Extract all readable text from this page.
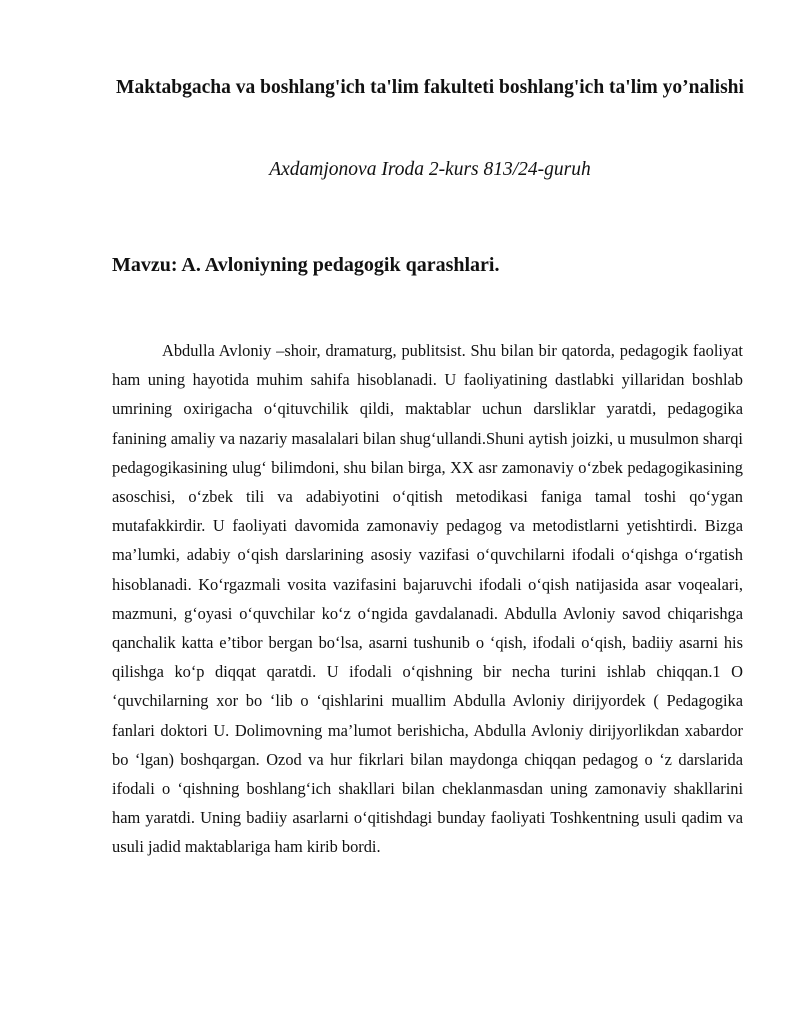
Maktabgacha va boshlang'ich ta'lim fakulteti boshlang'ich ta'lim yo’nalishi

Axdamjonova Iroda 2-kurs 813/24-guruh

Mavzu: A. Avloniyning pedagogik qarashlari.

Abdulla Avloniy –shoir, dramaturg, publitsist. Shu bilan bir qatorda, pedagogik faoliyat ham uning hayotida muhim sahifa hisoblanadi. U faoliyatining dastlabki yillaridan boshlab umrining oxirigacha o‘qituvchilik qildi, maktablar uchun darsliklar yaratdi, pedagogika fanining amaliy va nazariy masalalari bilan shug‘ullandi.Shuni aytish joizki, u musulmon sharqi pedagogikasining ulug‘ bilimdoni, shu bilan birga, XX asr zamonaviy o‘zbek pedagogikasining asoschisi, o‘zbek tili va adabiyotini o‘qitish metodikasi faniga tamal toshi qo‘ygan mutafakkirdir. U faoliyati davomida zamonaviy pedagog va metodistlarni yetishtirdi. Bizga ma’lumki, adabiy o‘qish darslarining asosiy vazifasi o‘quvchilarni ifodali o‘qishga o‘rgatish hisoblanadi. Ko‘rgazmali vosita vazifasini bajaruvchi ifodali o‘qish natijasida asar voqealari, mazmuni, g‘oyasi o‘quvchilar ko‘z o‘ngida gavdalanadi. Abdulla Avloniy savod chiqarishga qanchalik katta e’tibor bergan bo‘lsa, asarni tushunib o ‘qish, ifodali o‘qish, badiiy asarni his qilishga ko‘p diqqat qaratdi. U ifodali o‘qishning bir necha turini ishlab chiqqan.1 O ‘quvchilarning xor bo ‘lib o ‘qishlarini muallim Abdulla Avloniy dirijyordek ( Pedagogika fanlari doktori U. Dolimovning ma’lumot berishicha, Abdulla Avloniy dirijyorlikdan xabardor bo ‘lgan) boshqargan. Ozod va hur fikrlari bilan maydonga chiqqan pedagog o ‘z darslarida ifodali o ‘qishning boshlang‘ich shakllari bilan cheklanmasdan uning zamonaviy shakllarini ham yaratdi. Uning badiiy asarlarni o‘qitishdagi bunday faoliyati Toshkentning usuli qadim va usuli jadid maktablariga ham kirib bordi.
